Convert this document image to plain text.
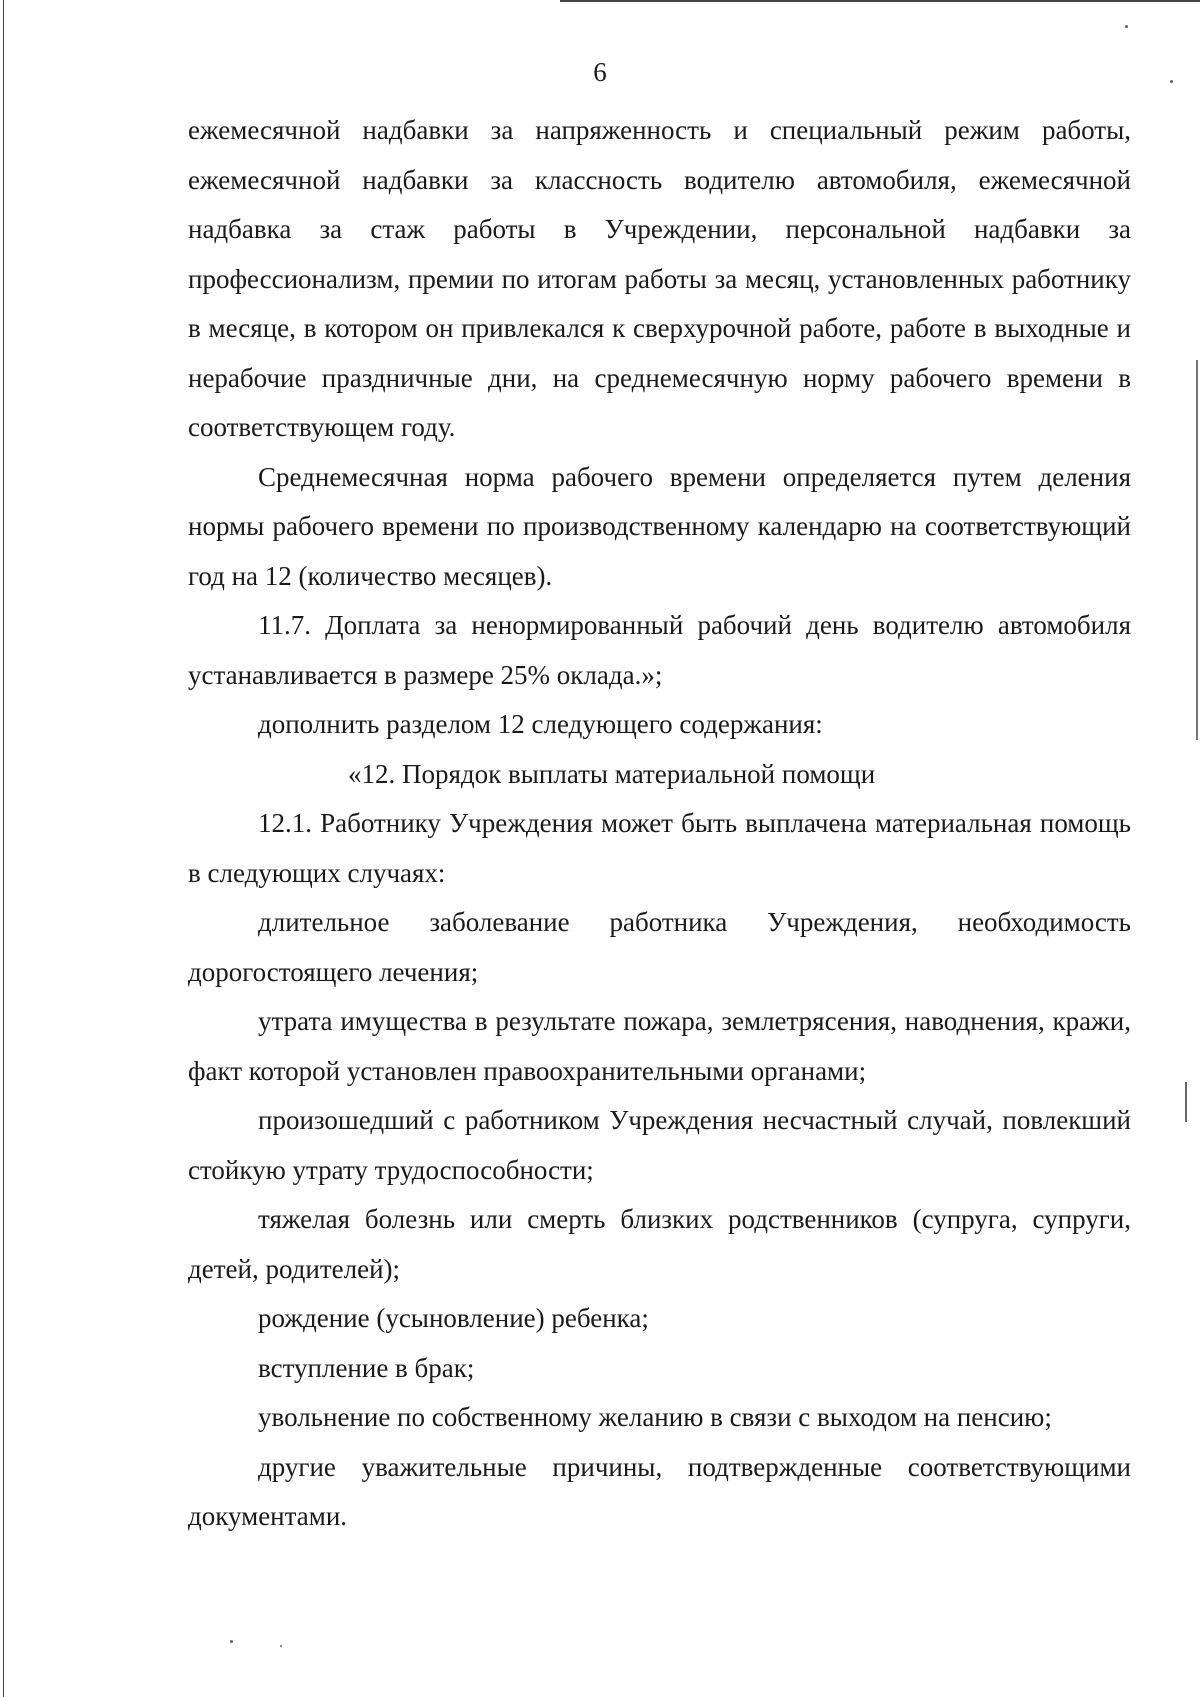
6

ежемесячной надбавки за напряженность и специальный режим работы, ежемесячной надбавки за классность водителю автомобиля, ежемесячной надбавка за стаж работы в Учреждении, персональной надбавки за профессионализм, премии по итогам работы за месяц, установленных работнику в месяце, в котором он привлекался к сверхурочной работе, работе в выходные и нерабочие праздничные дни, на среднемесячную норму рабочего времени в соответствующем году.

Среднемесячная норма рабочего времени определяется путем деления нормы рабочего времени по производственному календарю на соответствующий год на 12 (количество месяцев).

11.7. Доплата за ненормированный рабочий день водителю автомобиля устанавливается в размере 25% оклада.»;

дополнить разделом 12 следующего содержания:

«12. Порядок выплаты материальной помощи

12.1. Работнику Учреждения может быть выплачена материальная помощь в следующих случаях:

длительное заболевание работника Учреждения, необходимость дорогостоящего лечения;

утрата имущества в результате пожара, землетрясения, наводнения, кражи, факт которой установлен правоохранительными органами;

произошедший с работником Учреждения несчастный случай, повлекший стойкую утрату трудоспособности;

тяжелая болезнь или смерть близких родственников (супруга, супруги, детей, родителей);

рождение (усыновление) ребенка;

вступление в брак;

увольнение по собственному желанию в связи с выходом на пенсию;

другие уважительные причины, подтвержденные соответствующими документами.
